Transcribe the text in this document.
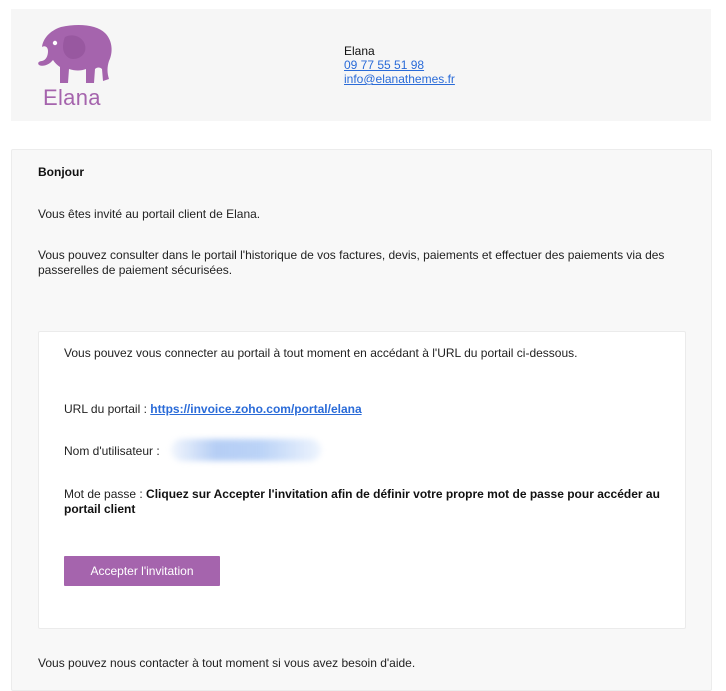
Elana
Elana
09 77 55 51 98
info@elanathemes.fr
Bonjour
Vous êtes invité au portail client de Elana.
Vous pouvez consulter dans le portail l'historique de vos factures, devis, paiements et effectuer des paiements via des passerelles de paiement sécurisées.
Vous pouvez vous connecter au portail à tout moment en accédant à l'URL du portail ci-dessous.
URL du portail : https://invoice.zoho.com/portal/elana
Nom d'utilisateur :
Mot de passe : Cliquez sur Accepter l'invitation afin de définir votre propre mot de passe pour accéder au portail client
Accepter l'invitation
Vous pouvez nous contacter à tout moment si vous avez besoin d'aide.
